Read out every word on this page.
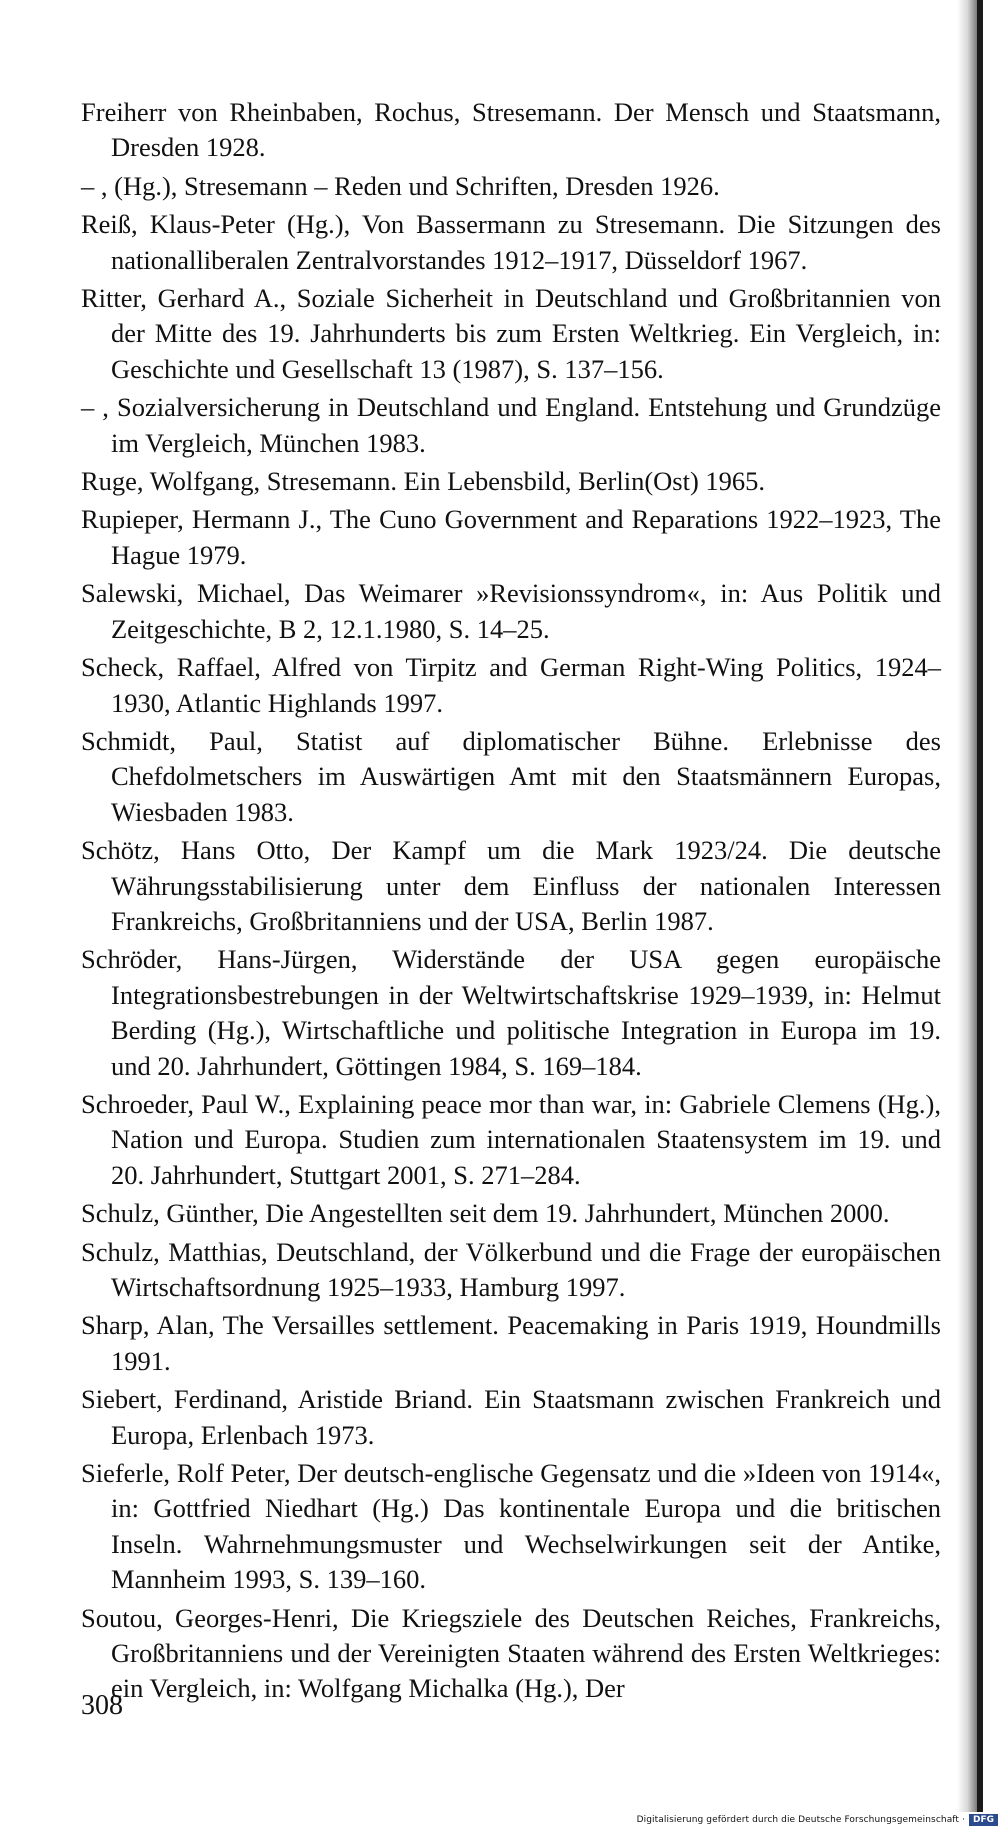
Freiherr von Rheinbaben, Rochus, Stresemann. Der Mensch und Staatsmann, Dresden 1928.

– , (Hg.), Stresemann – Reden und Schriften, Dresden 1926.

Reiß, Klaus-Peter (Hg.), Von Bassermann zu Stresemann. Die Sitzungen des nationalliberalen Zentralvorstandes 1912–1917, Düsseldorf 1967.

Ritter, Gerhard A., Soziale Sicherheit in Deutschland und Großbritannien von der Mitte des 19. Jahrhunderts bis zum Ersten Weltkrieg. Ein Vergleich, in: Geschichte und Gesellschaft 13 (1987), S. 137–156.

– , Sozialversicherung in Deutschland und England. Entstehung und Grundzüge im Vergleich, München 1983.

Ruge, Wolfgang, Stresemann. Ein Lebensbild, Berlin(Ost) 1965.

Rupieper, Hermann J., The Cuno Government and Reparations 1922–1923, The Hague 1979.

Salewski, Michael, Das Weimarer »Revisionssyndrom«, in: Aus Politik und Zeitgeschichte, B 2, 12.1.1980, S. 14–25.

Scheck, Raffael, Alfred von Tirpitz and German Right-Wing Politics, 1924–1930, Atlantic Highlands 1997.

Schmidt, Paul, Statist auf diplomatischer Bühne. Erlebnisse des Chefdolmetschers im Auswärtigen Amt mit den Staatsmännern Europas, Wiesbaden 1983.

Schötz, Hans Otto, Der Kampf um die Mark 1923/24. Die deutsche Währungsstabilisierung unter dem Einfluss der nationalen Interessen Frankreichs, Großbritanniens und der USA, Berlin 1987.

Schröder, Hans-Jürgen, Widerstände der USA gegen europäische Integrationsbestrebungen in der Weltwirtschaftskrise 1929–1939, in: Helmut Berding (Hg.), Wirtschaftliche und politische Integration in Europa im 19. und 20. Jahrhundert, Göttingen 1984, S. 169–184.

Schroeder, Paul W., Explaining peace mor than war, in: Gabriele Clemens (Hg.), Nation und Europa. Studien zum internationalen Staatensystem im 19. und 20. Jahrhundert, Stuttgart 2001, S. 271–284.

Schulz, Günther, Die Angestellten seit dem 19. Jahrhundert, München 2000.

Schulz, Matthias, Deutschland, der Völkerbund und die Frage der europäischen Wirtschaftsordnung 1925–1933, Hamburg 1997.

Sharp, Alan, The Versailles settlement. Peacemaking in Paris 1919, Houndmills 1991.

Siebert, Ferdinand, Aristide Briand. Ein Staatsmann zwischen Frankreich und Europa, Erlenbach 1973.

Sieferle, Rolf Peter, Der deutsch-englische Gegensatz und die »Ideen von 1914«, in: Gottfried Niedhart (Hg.) Das kontinentale Europa und die britischen Inseln. Wahrnehmungsmuster und Wechselwirkungen seit der Antike, Mannheim 1993, S. 139–160.

Soutou, Georges-Henri, Die Kriegsziele des Deutschen Reiches, Frankreichs, Großbritanniens und der Vereinigten Staaten während des Ersten Weltkrieges: ein Vergleich, in: Wolfgang Michalka (Hg.), Der

308
Digitalisierung gefördert durch die Deutsche Forschungsgemeinschaft · DFG
